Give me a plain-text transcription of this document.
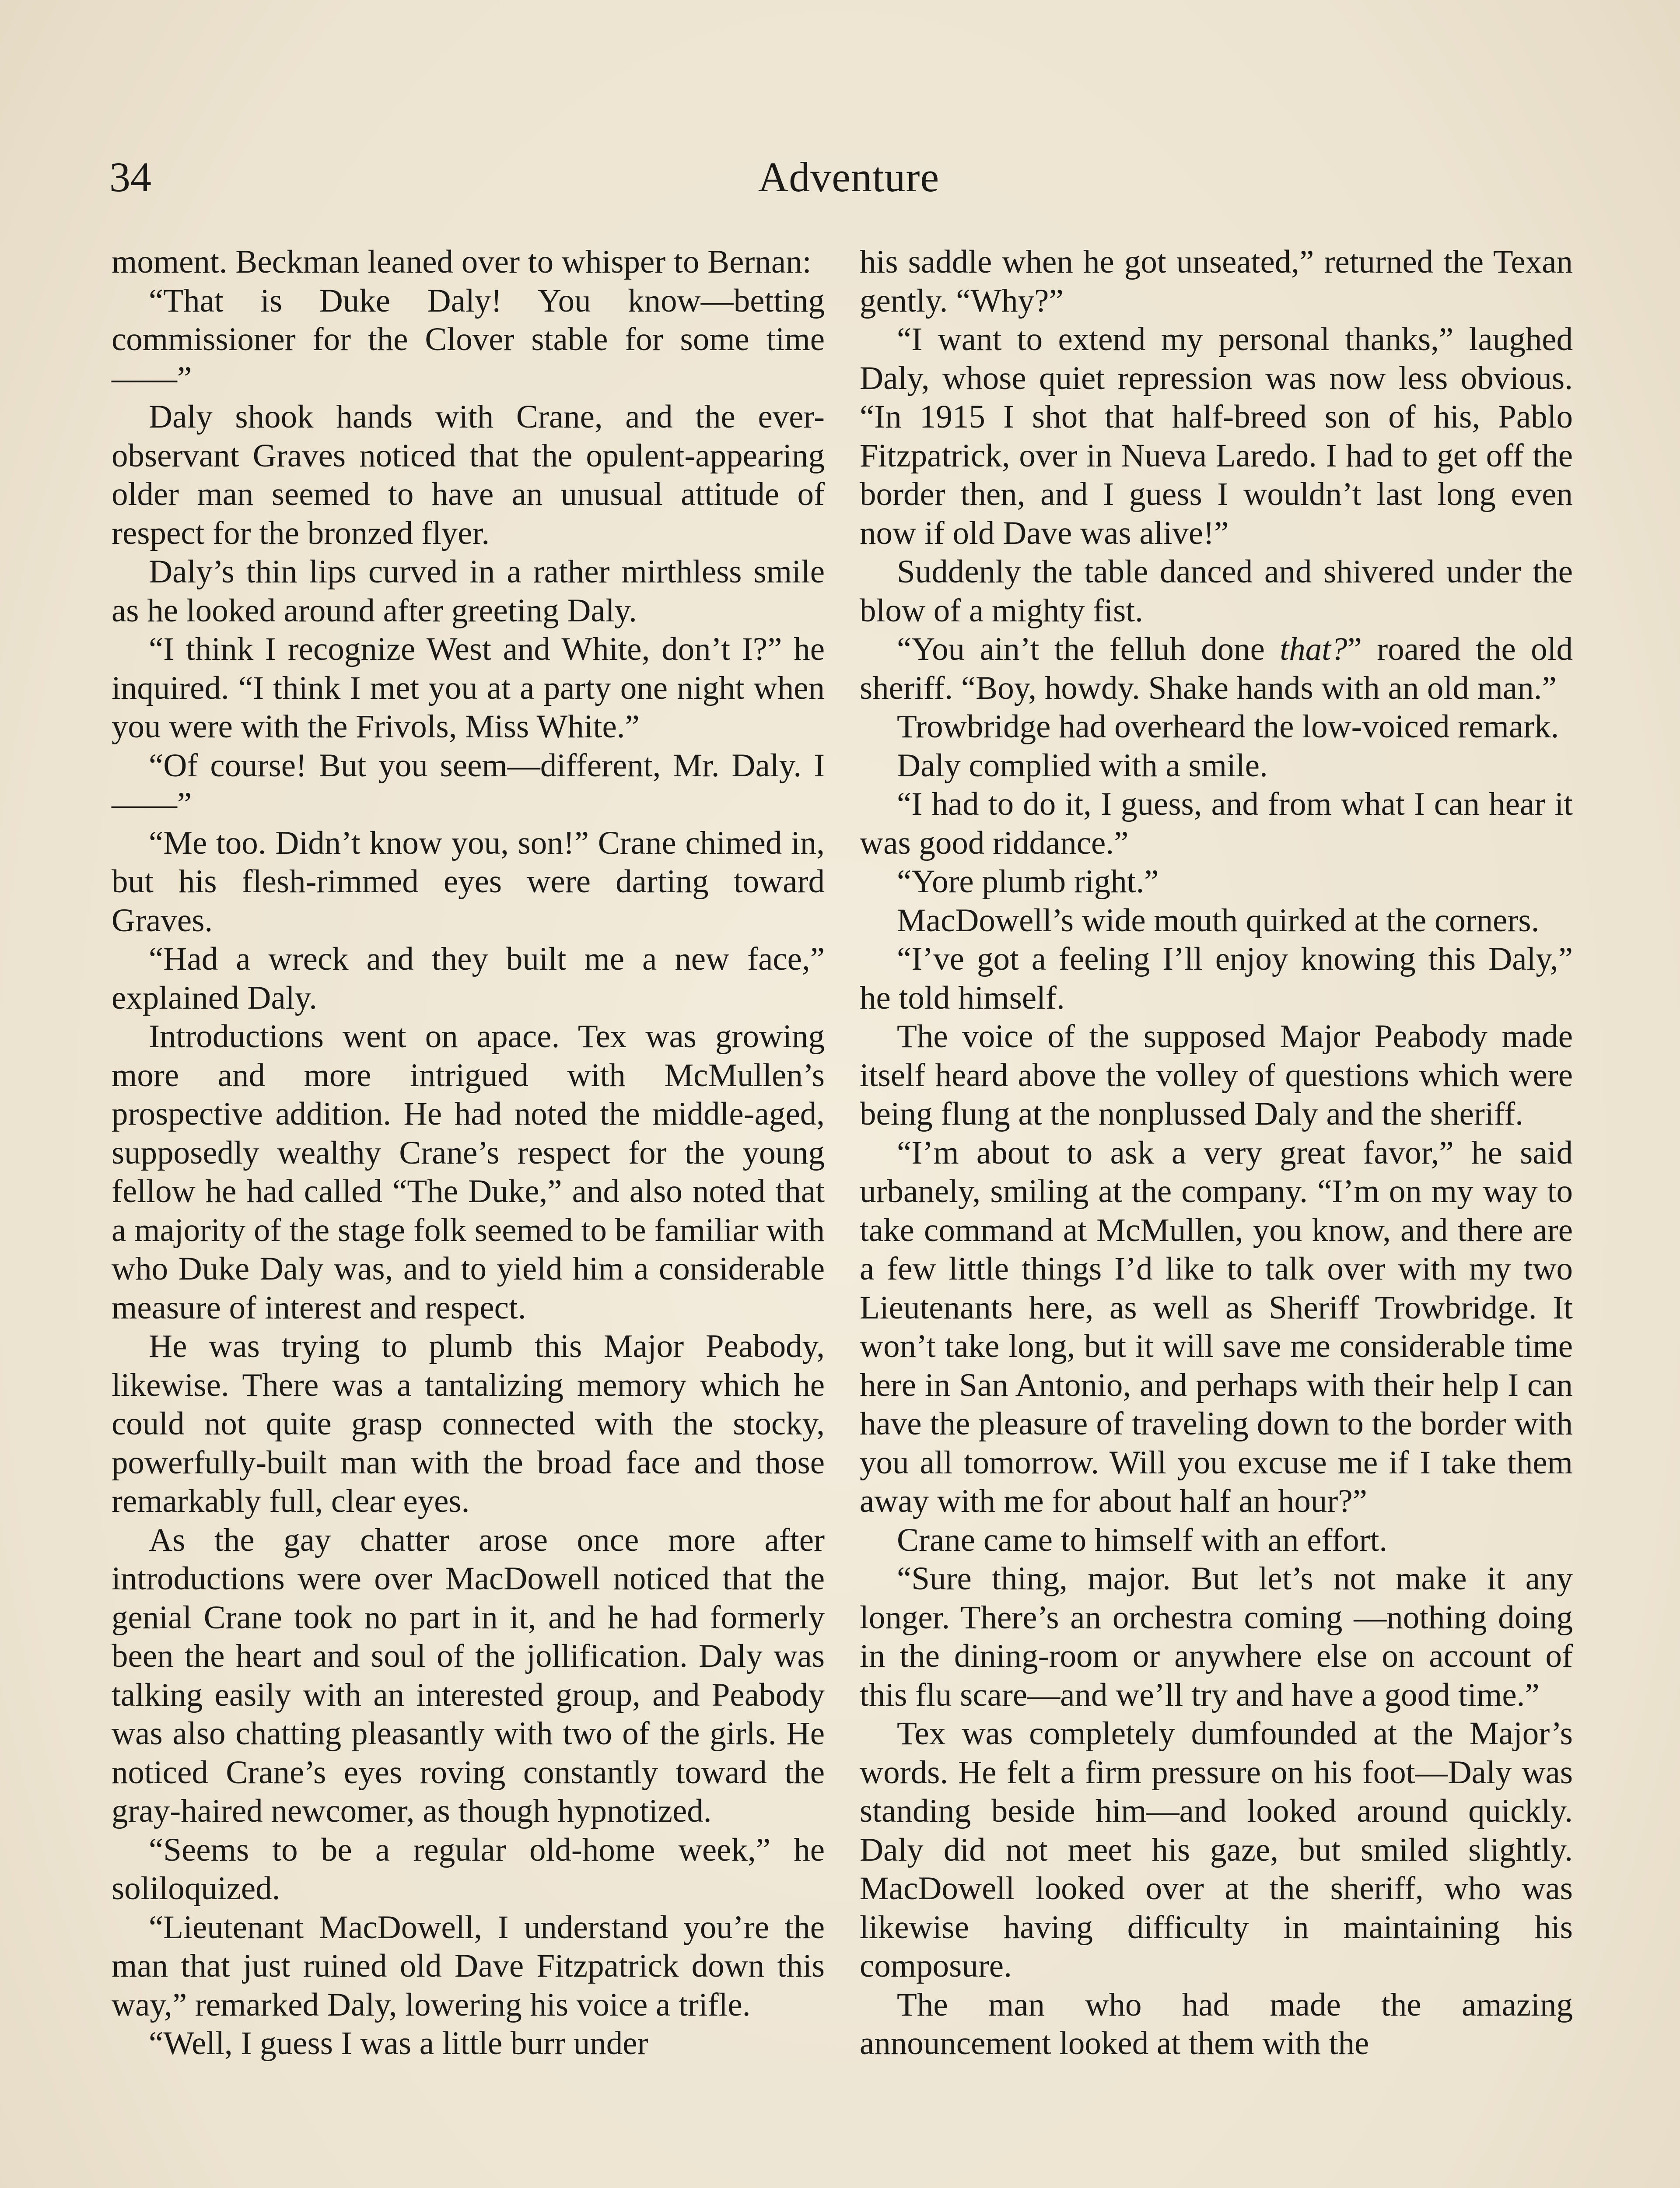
34	Adventure

moment. Beckman leaned over to whisper to Bernan:

“That is Duke Daly! You know—betting commissioner for the Clover stable for some time——”

Daly shook hands with Crane, and the ever-observant Graves noticed that the opulent-appearing older man seemed to have an unusual attitude of respect for the bronzed flyer.

Daly’s thin lips curved in a rather mirthless smile as he looked around after greeting Daly.

“I think I recognize West and White, don’t I?” he inquired. “I think I met you at a party one night when you were with the Frivols, Miss White.”

“Of course! But you seem—different, Mr. Daly. I——”

“Me too. Didn’t know you, son!” Crane chimed in, but his flesh-rimmed eyes were darting toward Graves.

“Had a wreck and they built me a new face,” explained Daly.

Introductions went on apace. Tex was growing more and more intrigued with McMullen’s prospective addition. He had noted the middle-aged, supposedly wealthy Crane’s respect for the young fellow he had called “The Duke,” and also noted that a majority of the stage folk seemed to be familiar with who Duke Daly was, and to yield him a considerable measure of interest and respect.

He was trying to plumb this Major Peabody, likewise. There was a tantalizing memory which he could not quite grasp connected with the stocky, powerfully-built man with the broad face and those remarkably full, clear eyes.

As the gay chatter arose once more after introductions were over MacDowell noticed that the genial Crane took no part in it, and he had formerly been the heart and soul of the jollification. Daly was talking easily with an interested group, and Peabody was also chatting pleasantly with two of the girls. He noticed Crane’s eyes roving constantly toward the gray-haired newcomer, as though hypnotized.

“Seems to be a regular old-home week,” he soliloquized.

“Lieutenant MacDowell, I understand you’re the man that just ruined old Dave Fitzpatrick down this way,” remarked Daly, lowering his voice a trifle.

“Well, I guess I was a little burr under

his saddle when he got unseated,” returned the Texan gently. “Why?”

“I want to extend my personal thanks,” laughed Daly, whose quiet repression was now less obvious. “In 1915 I shot that half-breed son of his, Pablo Fitzpatrick, over in Nueva Laredo. I had to get off the border then, and I guess I wouldn’t last long even now if old Dave was alive!”

Suddenly the table danced and shivered under the blow of a mighty fist.

“You ain’t the felluh done that?” roared the old sheriff. “Boy, howdy. Shake hands with an old man.”

Trowbridge had overheard the low-voiced remark.

Daly complied with a smile.

“I had to do it, I guess, and from what I can hear it was good riddance.”

“Yore plumb right.”

MacDowell’s wide mouth quirked at the corners.

“I’ve got a feeling I’ll enjoy knowing this Daly,” he told himself.

The voice of the supposed Major Peabody made itself heard above the volley of questions which were being flung at the nonplussed Daly and the sheriff.

“I’m about to ask a very great favor,” he said urbanely, smiling at the company. “I’m on my way to take command at McMullen, you know, and there are a few little things I’d like to talk over with my two Lieutenants here, as well as Sheriff Trowbridge. It won’t take long, but it will save me considerable time here in San Antonio, and perhaps with their help I can have the pleasure of traveling down to the border with you all tomorrow. Will you excuse me if I take them away with me for about half an hour?”

Crane came to himself with an effort.

“Sure thing, major. But let’s not make it any longer. There’s an orchestra coming —nothing doing in the dining-room or anywhere else on account of this flu scare—and we’ll try and have a good time.”

Tex was completely dumfounded at the Major’s words. He felt a firm pressure on his foot—Daly was standing beside him—and looked around quickly. Daly did not meet his gaze, but smiled slightly. MacDowell looked over at the sheriff, who was likewise having difficulty in maintaining his composure.

The man who had made the amazing announcement looked at them with the
